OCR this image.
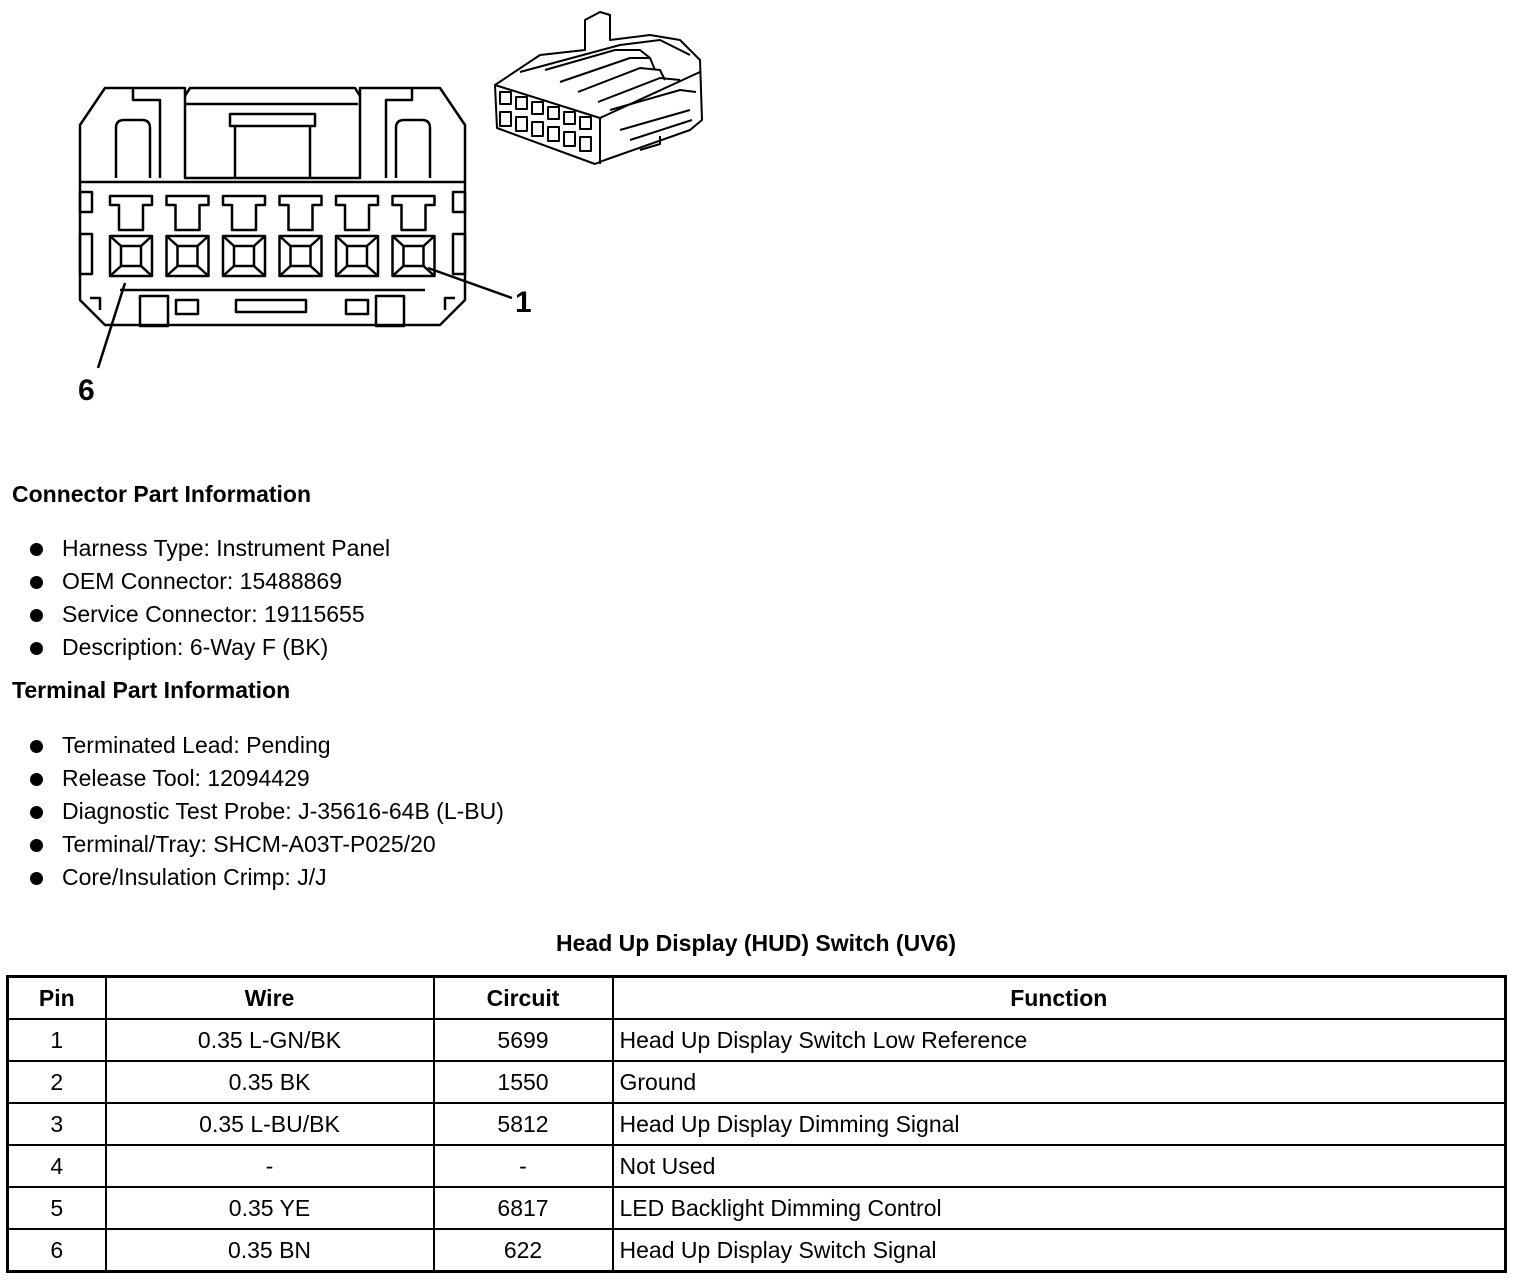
1
6
Connector Part Information
Harness Type: Instrument Panel
OEM Connector: 15488869
Service Connector: 19115655
Description: 6-Way F (BK)
Terminal Part Information
Terminated Lead: Pending
Release Tool: 12094429
Diagnostic Test Probe: J-35616-64B (L-BU)
Terminal/Tray: SHCM-A03T-P025/20
Core/Insulation Crimp: J/J
Head Up Display (HUD) Switch (UV6)
Pin	Wire	Circuit	Function
1	0.35 L-GN/BK	5699	Head Up Display Switch Low Reference
2	0.35 BK	1550	Ground
3	0.35 L-BU/BK	5812	Head Up Display Dimming Signal
4	-	-	Not Used
5	0.35 YE	6817	LED Backlight Dimming Control
6	0.35 BN	622	Head Up Display Switch Signal
